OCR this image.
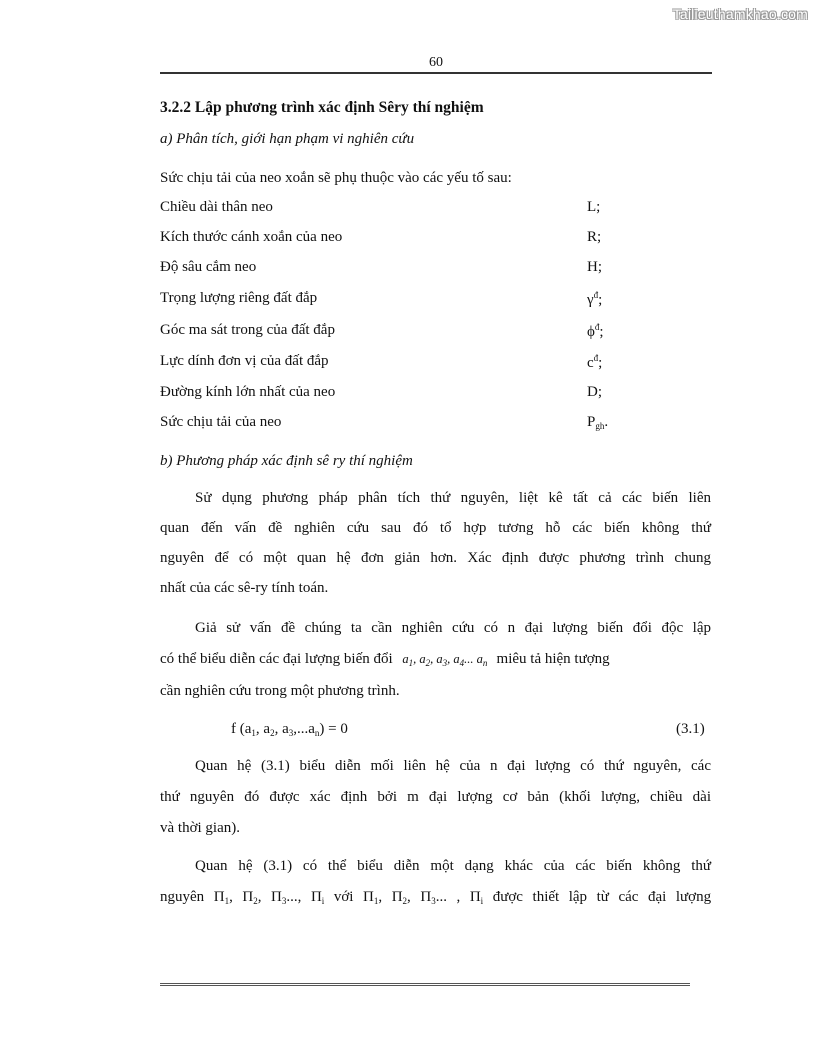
Tailieuthamkhao.com
60
3.2.2 Lập phương trình xác định Sêry thí nghiệm
a) Phân tích, giới hạn phạm vi nghiên cứu
Sức chịu tải của neo xoắn sẽ phụ thuộc vào các yếu tố sau:
Chiều dài thân neo	L;
Kích thước cánh xoắn của neo	R;
Độ sâu cắm neo	H;
Trọng lượng riêng đất đắp	$\gamma^đ$;
Góc ma sát trong của đất đắp	$\phi^đ$;
Lực dính đơn vị của đất đắp	$c^đ$;
Đường kính lớn nhất của neo	D;
Sức chịu tải của neo	$P_{gh}$.
b) Phương pháp xác định sê ry thí nghiệm
Sử dụng phương pháp phân tích thứ nguyên, liệt kê tất cả các biến liên
quan đến vấn đề nghiên cứu sau đó tổ hợp tương hỗ các biến không thứ
nguyên để có một quan hệ đơn giản hơn. Xác định được phương trình chung
nhất của các sê-ry tính toán.
Giả sử vấn đề chúng ta cần nghiên cứu có n đại lượng biến đổi độc lập
có thể biểu diễn các đại lượng biến đổi $a_1$, $a_2$, $a_3$, $a_4$... $a_n$ miêu tả hiện tượng
cần nghiên cứu trong một phương trình.
f ($a_1$, $a_2$, $a_3,...a_n) = 0$	(3.1)
Quan hệ (3.1) biểu diễn mối liên hệ của n đại lượng có thứ nguyên, các
thứ nguyên đó được xác định bởi m đại lượng cơ bản (khối lượng, chiều dài
và thời gian).
Quan hệ (3.1) có thể biểu diễn một dạng khác của các biến không thứ
nguyên $\Pi_1$, $\Pi_2$, $\Pi_3$..., $\Pi_i$ với $\Pi_1$, $\Pi_2$, $\Pi_3$... , $\Pi_i$ được thiết lập từ các đại lượng
